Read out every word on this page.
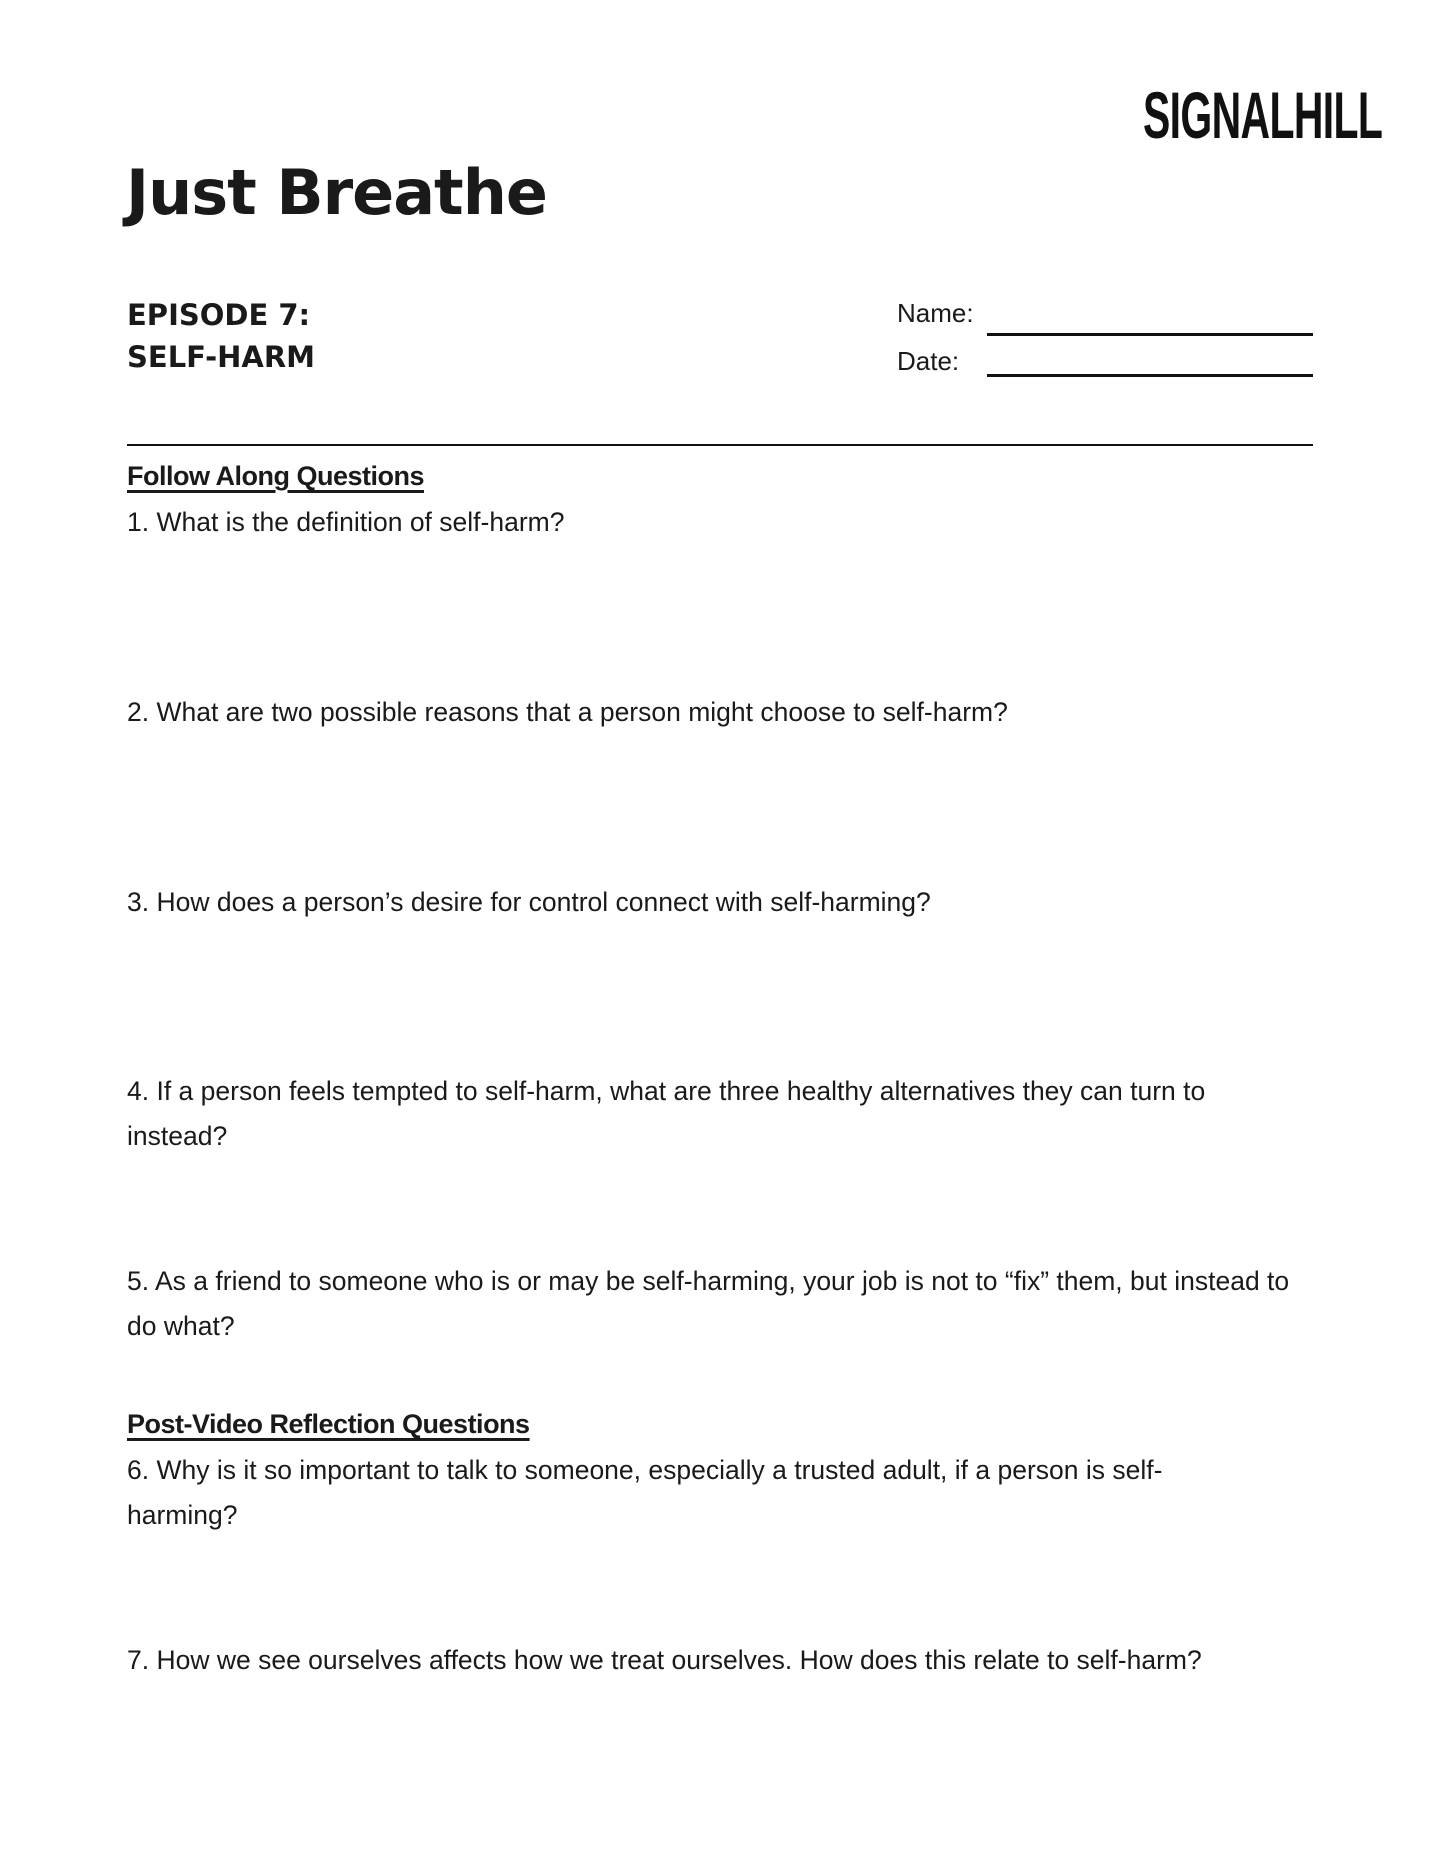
SIGNALHILL
Just Breathe
EPISODE 7:
SELF-HARM
Name:
Date:
Follow Along Questions
1. What is the definition of self-harm?
2. What are two possible reasons that a person might choose to self-harm?
3. How does a person’s desire for control connect with self-harming?
4. If a person feels tempted to self-harm, what are three healthy alternatives they can turn to instead?
5. As a friend to someone who is or may be self-harming, your job is not to “fix” them, but instead to do what?
Post-Video Reflection Questions
6. Why is it so important to talk to someone, especially a trusted adult, if a person is self-harming?
7. How we see ourselves affects how we treat ourselves. How does this relate to self-harm?
